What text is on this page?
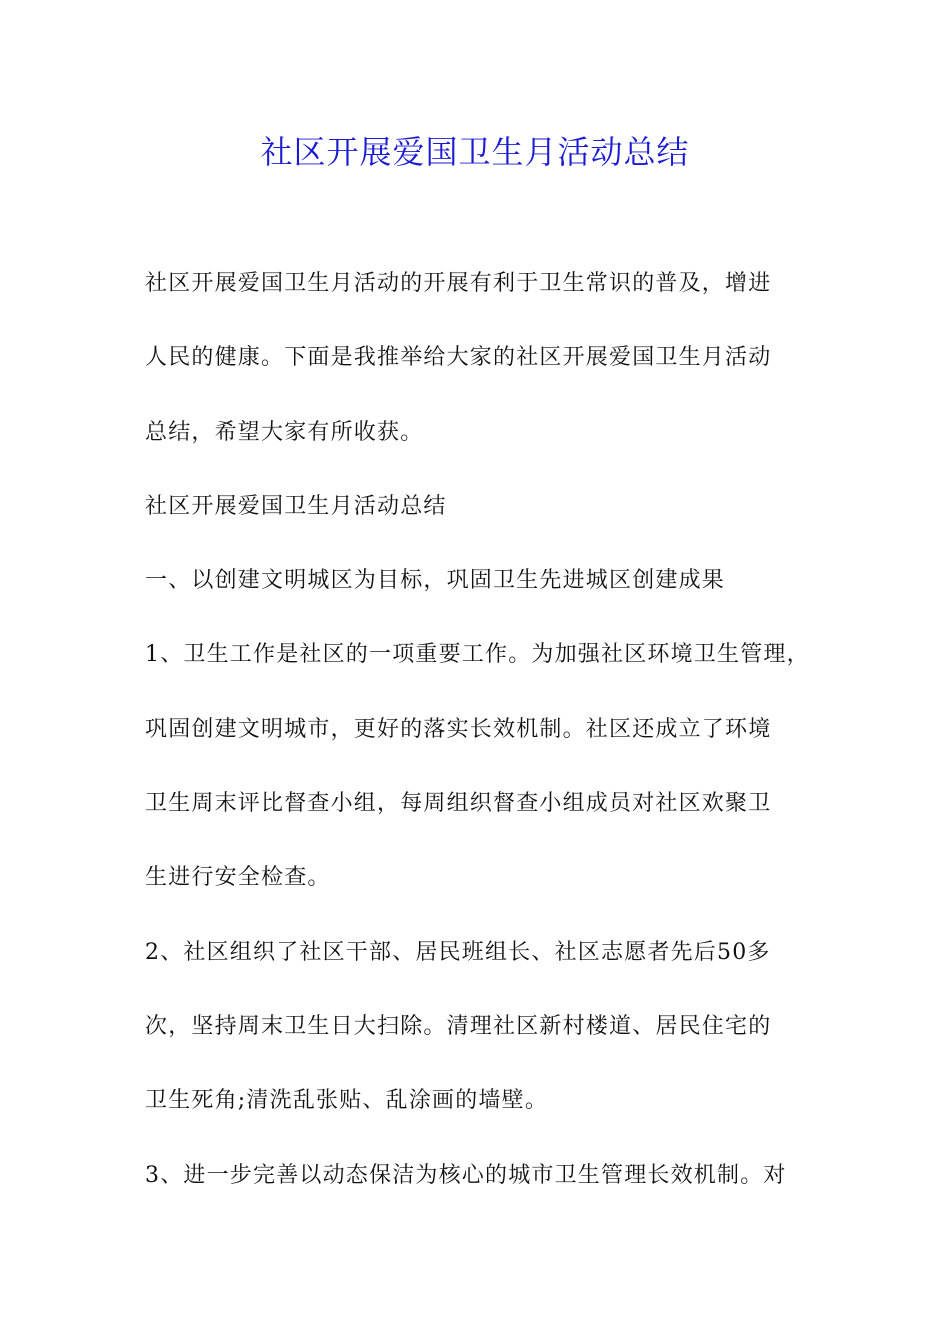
社区开展爱国卫生月活动总结
社区开展爱国卫生月活动的开展有利于卫生常识的普及，增进
人民的健康。下面是我推举给大家的社区开展爱国卫生月活动
总结，希望大家有所收获。
社区开展爱国卫生月活动总结
一、以创建文明城区为目标，巩固卫生先进城区创建成果
1、卫生工作是社区的一项重要工作。为加强社区环境卫生管理，
巩固创建文明城市，更好的落实长效机制。社区还成立了环境
卫生周末评比督查小组，每周组织督查小组成员对社区欢聚卫
生进行安全检查。
2、社区组织了社区干部、居民班组长、社区志愿者先后50多
次，坚持周末卫生日大扫除。清理社区新村楼道、居民住宅的
卫生死角;清洗乱张贴、乱涂画的墙壁。
3、进一步完善以动态保洁为核心的城市卫生管理长效机制。对
